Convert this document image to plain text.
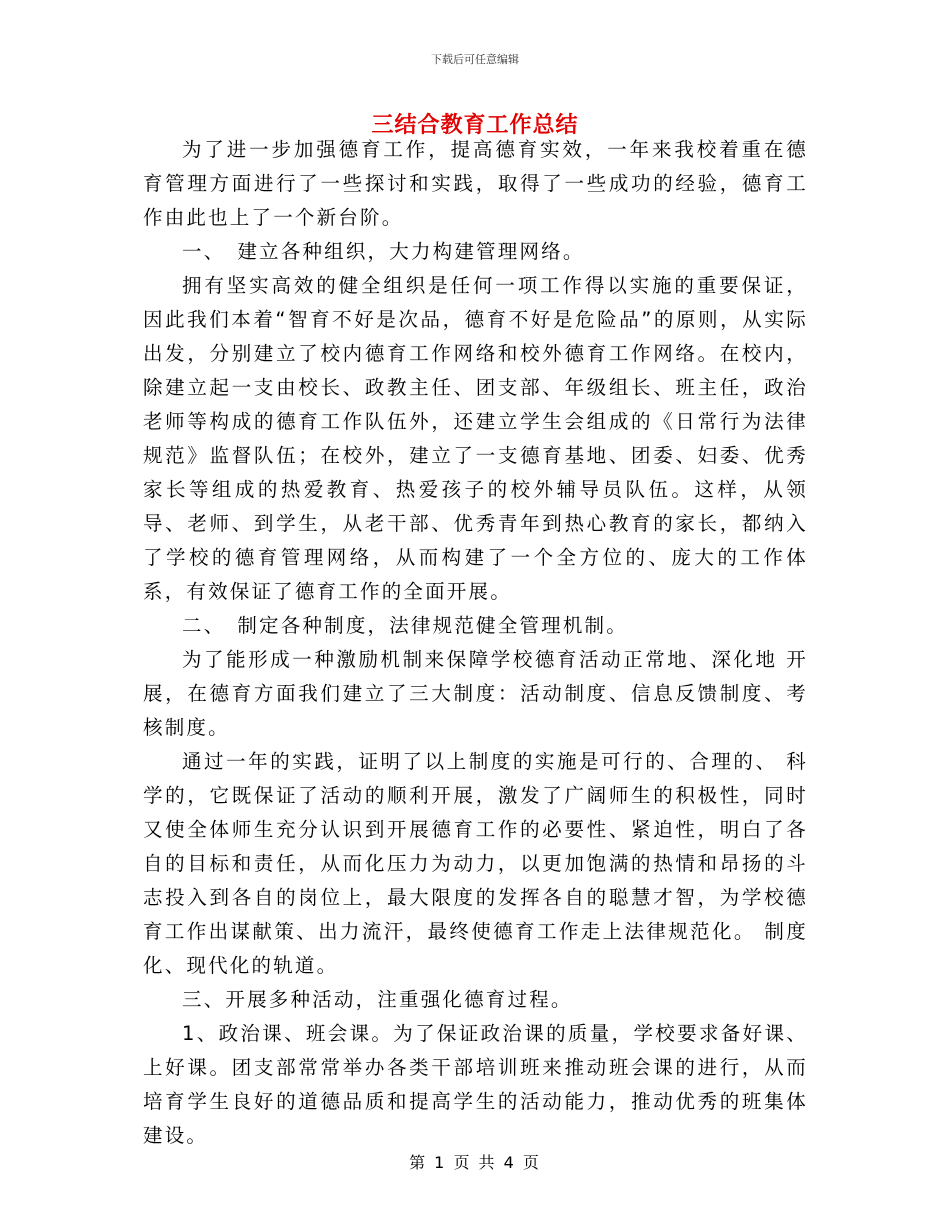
下载后可任意编辑
三结合教育工作总结

为了进一步加强德育工作，提高德育实效，一年来我校着重在德育管理方面进行了一些探讨和实践，取得了一些成功的经验，德育工作由此也上了一个新台阶。

一、　建立各种组织，大力构建管理网络。

拥有坚实高效的健全组织是任何一项工作得以实施的重要保证，因此我们本着“智育不好是次品，德育不好是危险品”的原则，从实际出发，分别建立了校内德育工作网络和校外德育工作网络。在校内，除建立起一支由校长、政教主任、团支部、年级组长、班主任，政治老师等构成的德育工作队伍外，还建立学生会组成的《日常行为法律规范》监督队伍；在校外，建立了一支德育基地、团委、妇委、优秀家长等组成的热爱教育、热爱孩子的校外辅导员队伍。这样，从领导、老师、到学生，从老干部、优秀青年到热心教育的家长，都纳入了学校的德育管理网络，从而构建了一个全方位的、庞大的工作体系，有效保证了德育工作的全面开展。

二、　制定各种制度，法律规范健全管理机制。

为了能形成一种激励机制来保障学校德育活动正常地、深化地 开展，在德育方面我们建立了三大制度：活动制度、信息反馈制度、考核制度。

通过一年的实践，证明了以上制度的实施是可行的、合理的、 科学的，它既保证了活动的顺利开展，激发了广阔师生的积极性，同时又使全体师生充分认识到开展德育工作的必要性、紧迫性，明白了各自的目标和责任，从而化压力为动力，以更加饱满的热情和昂扬的斗志投入到各自的岗位上，最大限度的发挥各自的聪慧才智，为学校德育工作出谋献策、出力流汗，最终使德育工作走上法律规范化。 制度化、现代化的轨道。

三、开展多种活动，注重强化德育过程。

1、政治课、班会课。为了保证政治课的质量，学校要求备好课、上好课。团支部常常举办各类干部培训班来推动班会课的进行，从而培育学生良好的道德品质和提高学生的活动能力，推动优秀的班集体建设。

第 1 页 共 4 页
